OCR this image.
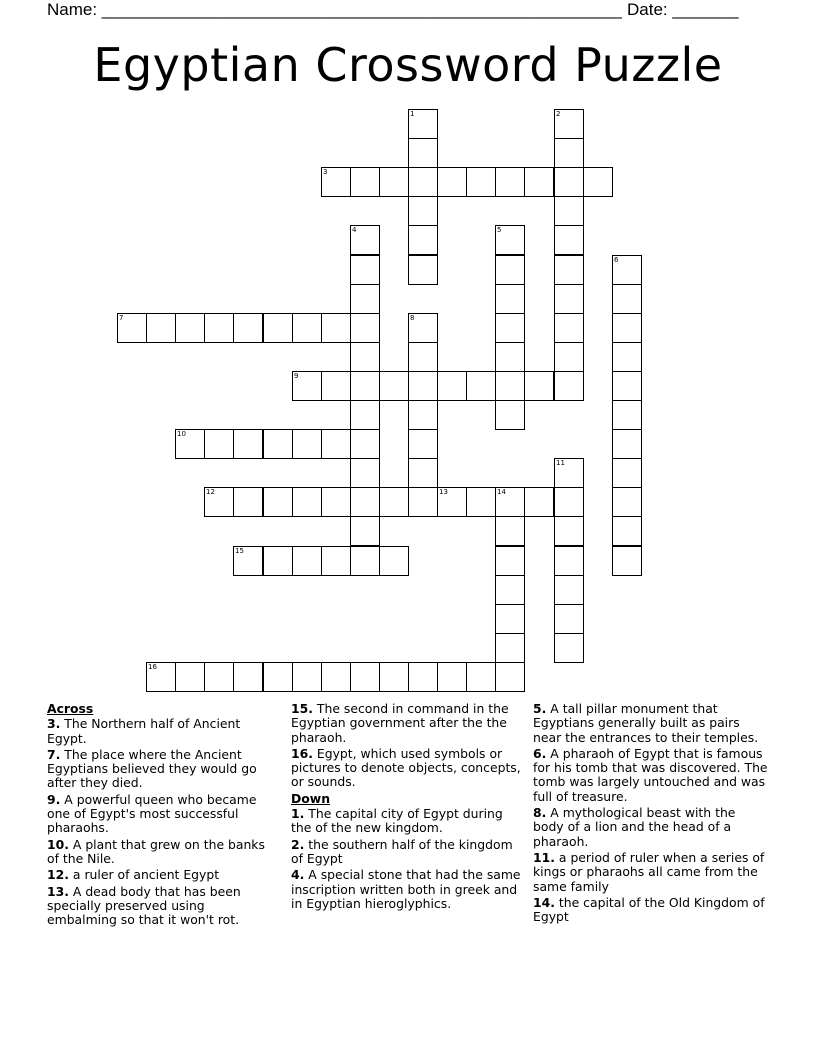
Name: _______________________________________________________ Date: _______
Egyptian Crossword Puzzle
1	2
3
4	5
6
7	8
9
10
11
12	13	14
15
16
Across
3. The Northern half of Ancient Egypt.
7. The place where the Ancient Egyptians believed they would go after they died.
9. A powerful queen who became one of Egypt's most successful pharaohs.
10. A plant that grew on the banks of the Nile.
12. a ruler of ancient Egypt
13. A dead body that has been specially preserved using embalming so that it won't rot.
15. The second in command in the Egyptian government after the the pharaoh.
16. Egypt, which used symbols or pictures to denote objects, concepts, or sounds.
Down
1. The capital city of Egypt during the of the new kingdom.
2. the southern half of the kingdom of Egypt
4. A special stone that had the same inscription written both in greek and in Egyptian hieroglyphics.
5. A tall pillar monument that Egyptians generally built as pairs near the entrances to their temples.
6. A pharaoh of Egypt that is famous for his tomb that was discovered. The tomb was largely untouched and was full of treasure.
8. A mythological beast with the body of a lion and the head of a pharaoh.
11. a period of ruler when a series of kings or pharaohs all came from the same family
14. the capital of the Old Kingdom of Egypt
